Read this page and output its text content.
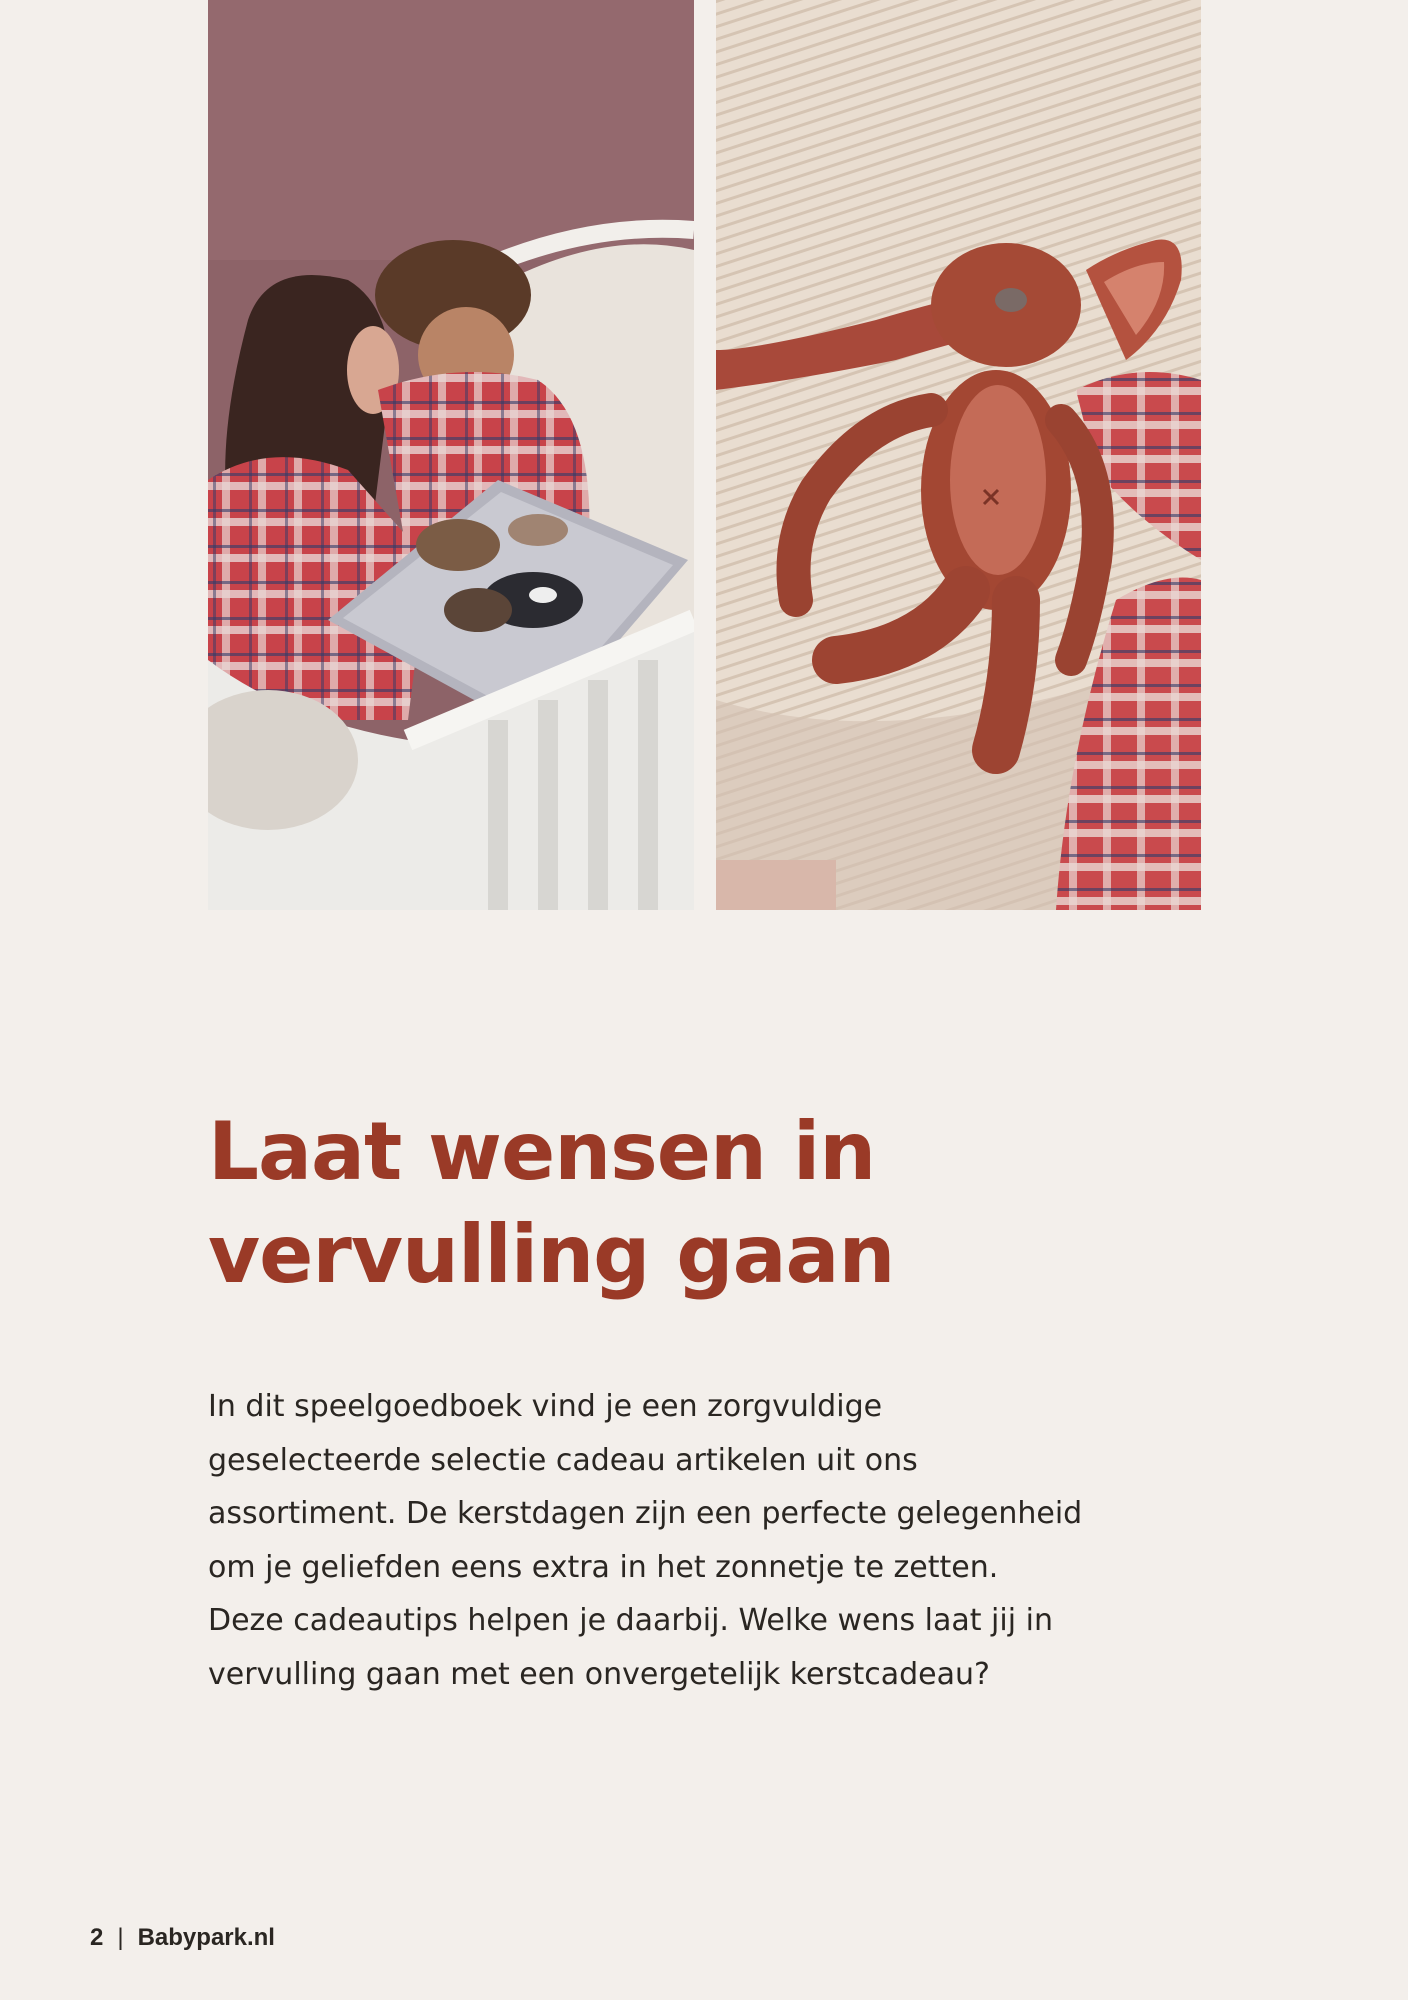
Laat wensen in
vervulling gaan

In dit speelgoedboek vind je een zorgvuldige
geselecteerde selectie cadeau artikelen uit ons
assortiment. De kerstdagen zijn een perfecte gelegenheid
om je geliefden eens extra in het zonnetje te zetten.
Deze cadeautips helpen je daarbij. Welke wens laat jij in
vervulling gaan met een onvergetelijk kerstcadeau?

2 | Babypark.nl
